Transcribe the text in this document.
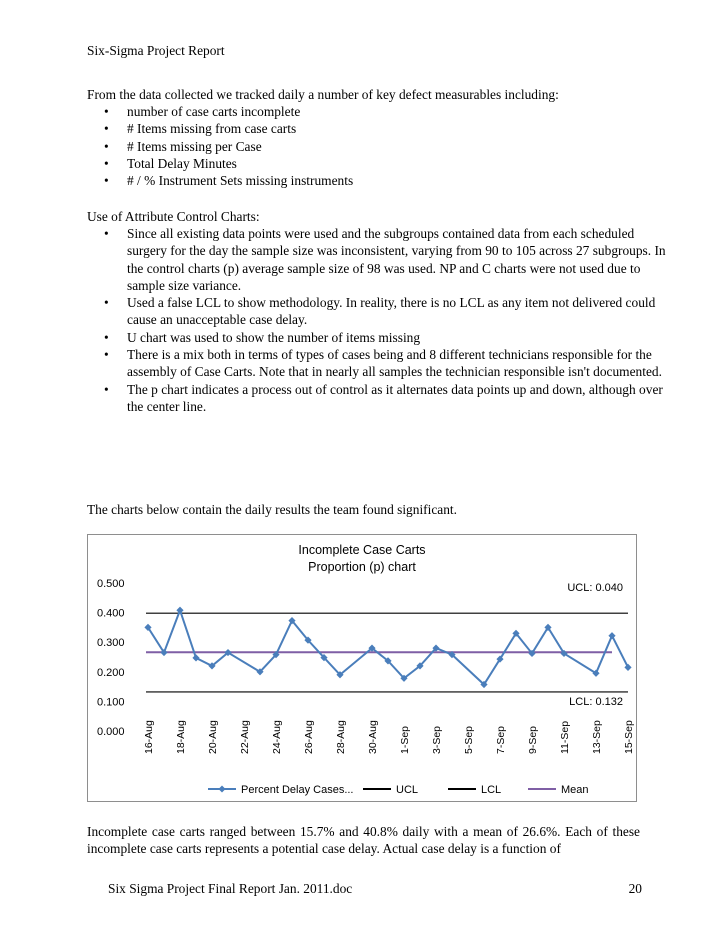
Six-Sigma Project Report
From the data collected we tracked daily a number of key defect measurables including:
• number of case carts incomplete
• # Items missing from case carts
• # Items missing per Case
• Total Delay Minutes
• # / % Instrument Sets missing instruments
Use of Attribute Control Charts:
• Since all existing data points were used and the subgroups contained data from each scheduled surgery for the day the sample size was inconsistent, varying from 90 to 105 across 27 subgroups. In the control charts (p) average sample size of 98 was used. NP and C charts were not used due to sample size variance.
• Used a false LCL to show methodology. In reality, there is no LCL as any item not delivered could cause an unacceptable case delay.
• U chart was used to show the number of items missing
• There is a mix both in terms of types of cases being and 8 different technicians responsible for the assembly of Case Carts. Note that in nearly all samples the technician responsible isn't documented.
• The p chart indicates a process out of control as it alternates data points up and down, although over the center line.
The charts below contain the daily results the team found significant.
Incomplete Case Carts
Proportion (p) chart
0.000
0.100
0.200
0.300
0.400
0.500
16-Aug 18-Aug 20-Aug 22-Aug 24-Aug 26-Aug 28-Aug 30-Aug 1-Sep 3-Sep 5-Sep 7-Sep 9-Sep 11-Sep 13-Sep 15-Sep
UCL: 0.040
LCL: 0.132
Percent Delay Cases...	UCL	LCL	Mean
Incomplete case carts ranged between 15.7% and 40.8% daily with a mean of 26.6%. Each of these incomplete case carts represents a potential case delay. Actual case delay is a function of
Six Sigma Project Final Report Jan. 2011.doc	20
